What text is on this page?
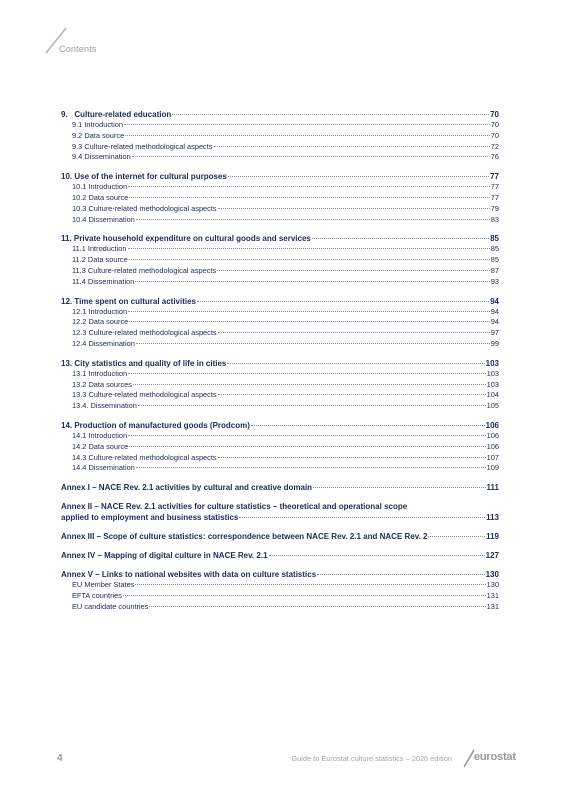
Contents
9.   Culture-related education	70
9.1 Introduction	70
9.2 Data source	70
9.3 Culture-related methodological aspects	72
9.4 Dissemination	76
10. Use of the internet for cultural purposes	77
10.1 Introduction	77
10.2 Data source	77
10.3 Culture-related methodological aspects	79
10.4 Dissemination	83
11. Private household expenditure on cultural goods and services	85
11.1 Introduction	85
11.2 Data source	85
11.3 Culture-related methodological aspects	87
11.4 Dissemination	93
12. Time spent on cultural activities	94
12.1 Introduction	94
12.2 Data source	94
12.3 Culture-related methodological aspects	97
12.4 Dissemination	99
13. City statistics and quality of life in cities	103
13.1 Introduction	103
13.2 Data sources	103
13.3 Culture-related methodological aspects	104
13.4. Dissemination	105
14. Production of manufactured goods (Prodcom)	106
14.1 Introduction	106
14.2 Data source	106
14.3 Culture-related methodological aspects	107
14.4 Dissemination	109
Annex I – NACE Rev. 2.1 activities by cultural and creative domain	111
Annex II – NACE Rev. 2.1 activities for culture statistics – theoretical and operational scope
applied to employment and business statistics	113
Annex III – Scope of culture statistics: correspondence between NACE Rev. 2.1 and NACE Rev. 2	119
Annex IV – Mapping of digital culture in NACE Rev. 2.1	127
Annex V – Links to national websites with data on culture statistics	130
EU Member States	130
EFTA countries	131
EU candidate countries	131
4	Guide to Eurostat culture statistics – 2026 edition eurostat
